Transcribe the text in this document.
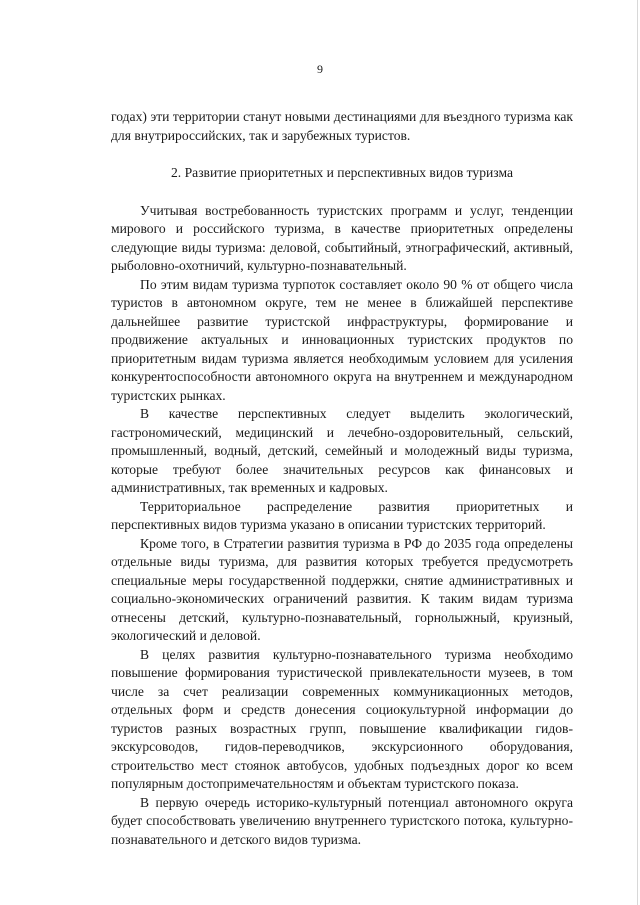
9

годах) эти территории станут новыми дестинациями для въездного туризма как для внутрироссийских, так и зарубежных туристов.

2. Развитие приоритетных и перспективных видов туризма

Учитывая востребованность туристских программ и услуг, тенденции мирового и российского туризма, в качестве приоритетных определены следующие виды туризма: деловой, событийный, этнографический, активный, рыболовно-охотничий, культурно-познавательный.

По этим видам туризма турпоток составляет около 90 % от общего числа туристов в автономном округе, тем не менее в ближайшей перспективе дальнейшее развитие туристской инфраструктуры, формирование и продвижение актуальных и инновационных туристских продуктов по приоритетным видам туризма является необходимым условием для усиления конкурентоспособности автономного округа на внутреннем и международном туристских рынках.

В качестве перспективных следует выделить экологический, гастрономический, медицинский и лечебно-оздоровительный, сельский, промышленный, водный, детский, семейный и молодежный виды туризма, которые требуют более значительных ресурсов как финансовых и административных, так временных и кадровых.

Территориальное распределение развития приоритетных и перспективных видов туризма указано в описании туристских территорий.

Кроме того, в Стратегии развития туризма в РФ до 2035 года определены отдельные виды туризма, для развития которых требуется предусмотреть специальные меры государственной поддержки, снятие административных и социально-экономических ограничений развития. К таким видам туризма отнесены детский, культурно-познавательный, горнолыжный, круизный, экологический и деловой.

В целях развития культурно-познавательного туризма необходимо повышение формирования туристической привлекательности музеев, в том числе за счет реализации современных коммуникационных методов, отдельных форм и средств донесения социокультурной информации до туристов разных возрастных групп, повышение квалификации гидов-экскурсоводов, гидов-переводчиков, экскурсионного оборудования, строительство мест стоянок автобусов, удобных подъездных дорог ко всем популярным достопримечательностям и объектам туристского показа.

В первую очередь историко-культурный потенциал автономного округа будет способствовать увеличению внутреннего туристского потока, культурно-познавательного и детского видов туризма.
